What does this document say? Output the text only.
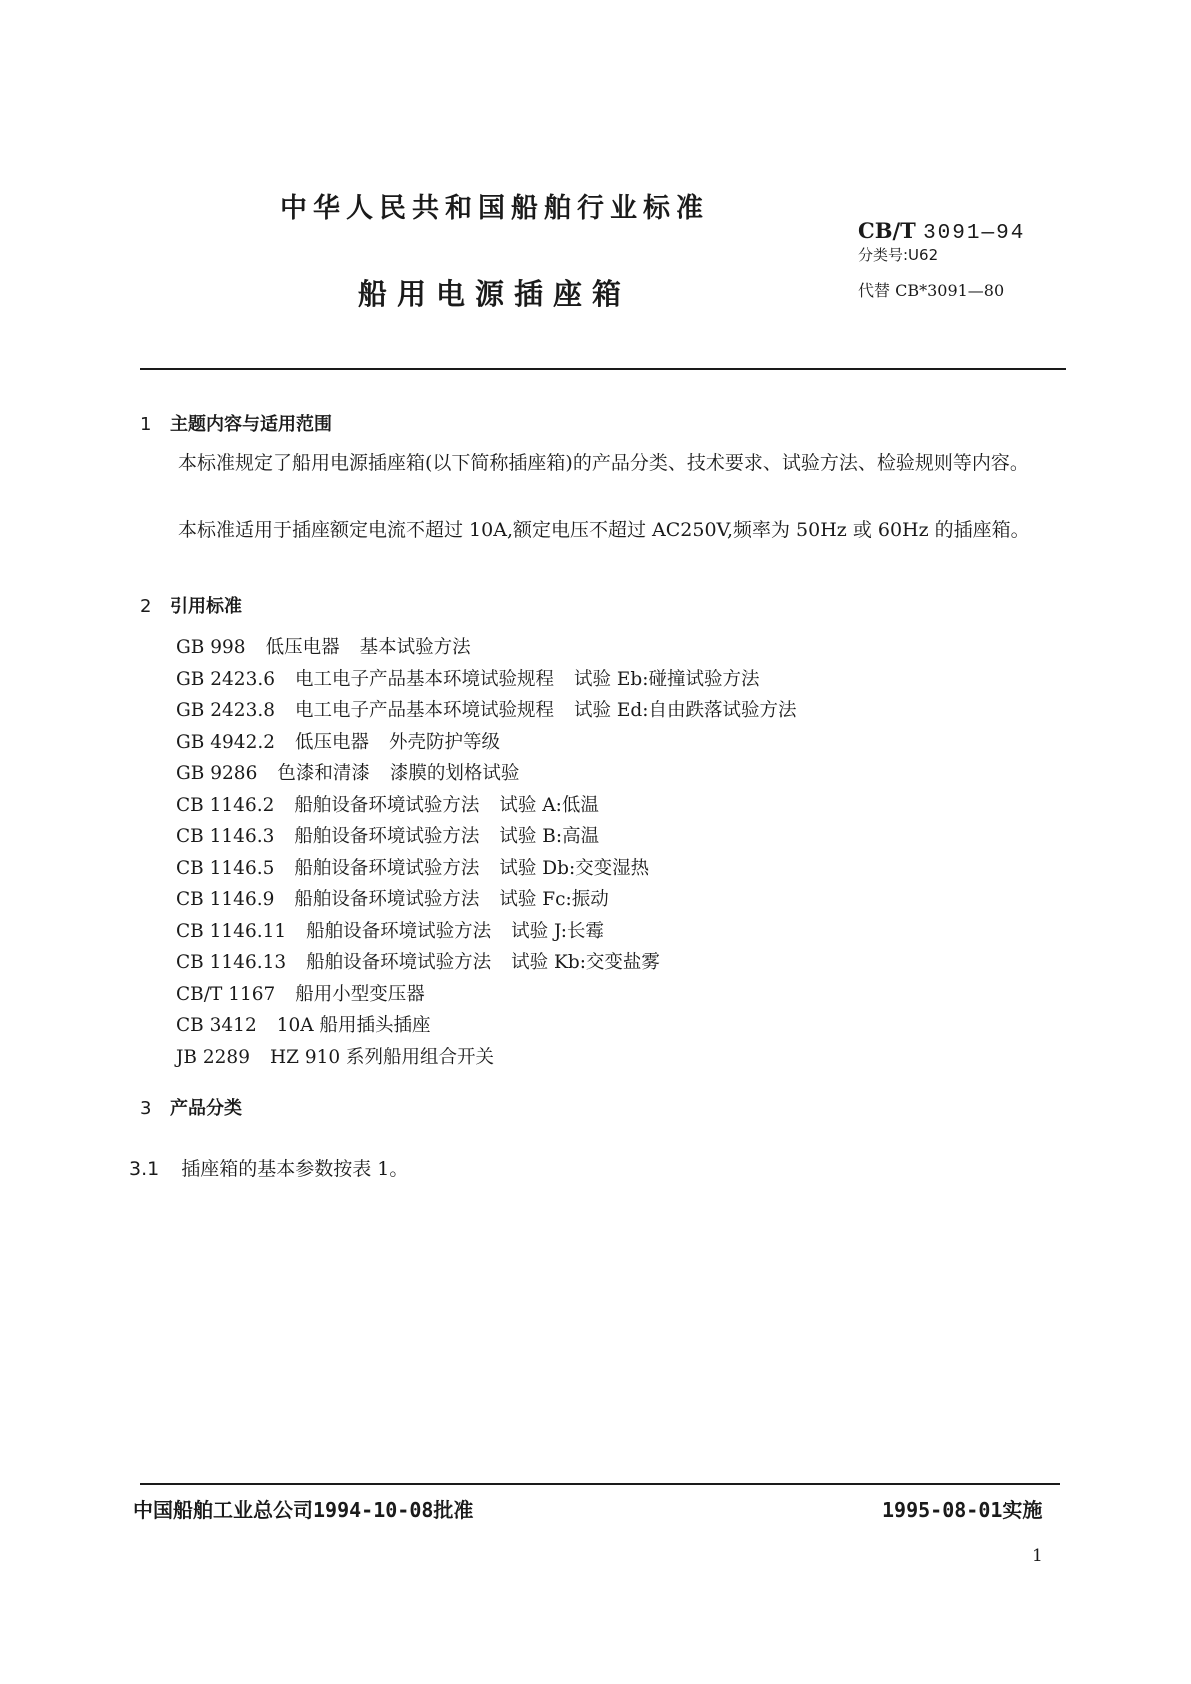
中华人民共和国船舶行业标准
船用电源插座箱
CB/T 3091—94
分类号:U62
代替 CB*3091—80
1 主题内容与适用范围
本标准规定了船用电源插座箱(以下简称插座箱)的产品分类、技术要求、试验方法、检验规则等内容。
本标准适用于插座额定电流不超过 10A,额定电压不超过 AC250V,频率为 50Hz 或 60Hz 的插座箱。
2 引用标准
GB 998 低压电器 基本试验方法
GB 2423.6 电工电子产品基本环境试验规程 试验 Eb:碰撞试验方法
GB 2423.8 电工电子产品基本环境试验规程 试验 Ed:自由跌落试验方法
GB 4942.2 低压电器 外壳防护等级
GB 9286 色漆和清漆 漆膜的划格试验
CB 1146.2 船舶设备环境试验方法 试验 A:低温
CB 1146.3 船舶设备环境试验方法 试验 B:高温
CB 1146.5 船舶设备环境试验方法 试验 Db:交变湿热
CB 1146.9 船舶设备环境试验方法 试验 Fc:振动
CB 1146.11 船舶设备环境试验方法 试验 J:长霉
CB 1146.13 船舶设备环境试验方法 试验 Kb:交变盐雾
CB/T 1167 船用小型变压器
CB 3412 10A 船用插头插座
JB 2289 HZ 910 系列船用组合开关
3 产品分类
3.1 插座箱的基本参数按表 1。
中国船舶工业总公司1994-10-08批准	1995-08-01实施
1
